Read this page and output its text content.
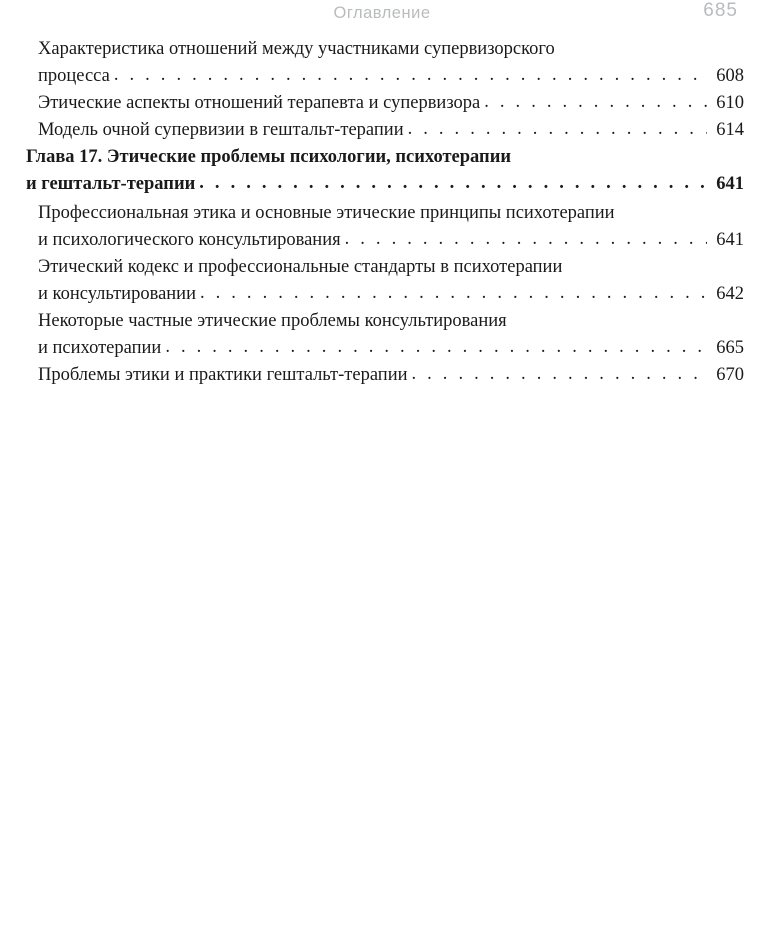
Оглавление	685
Характеристика отношений между участниками супервизорского
процесса . . .	608
Этические аспекты отношений терапевта и супервизора . . .	610
Модель очной супервизии в гештальт-терапии . . .	614
Глава 17. Этические проблемы психологии, психотерапии
и гештальт-терапии . . .	641
Профессиональная этика и основные этические принципы психотерапии
и психологического консультирования . . .	641
Этический кодекс и профессиональные стандарты в психотерапии
и консультировании . . .	642
Некоторые частные этические проблемы консультирования
и психотерапии . . .	665
Проблемы этики и практики гештальт-терапии . . .	670
